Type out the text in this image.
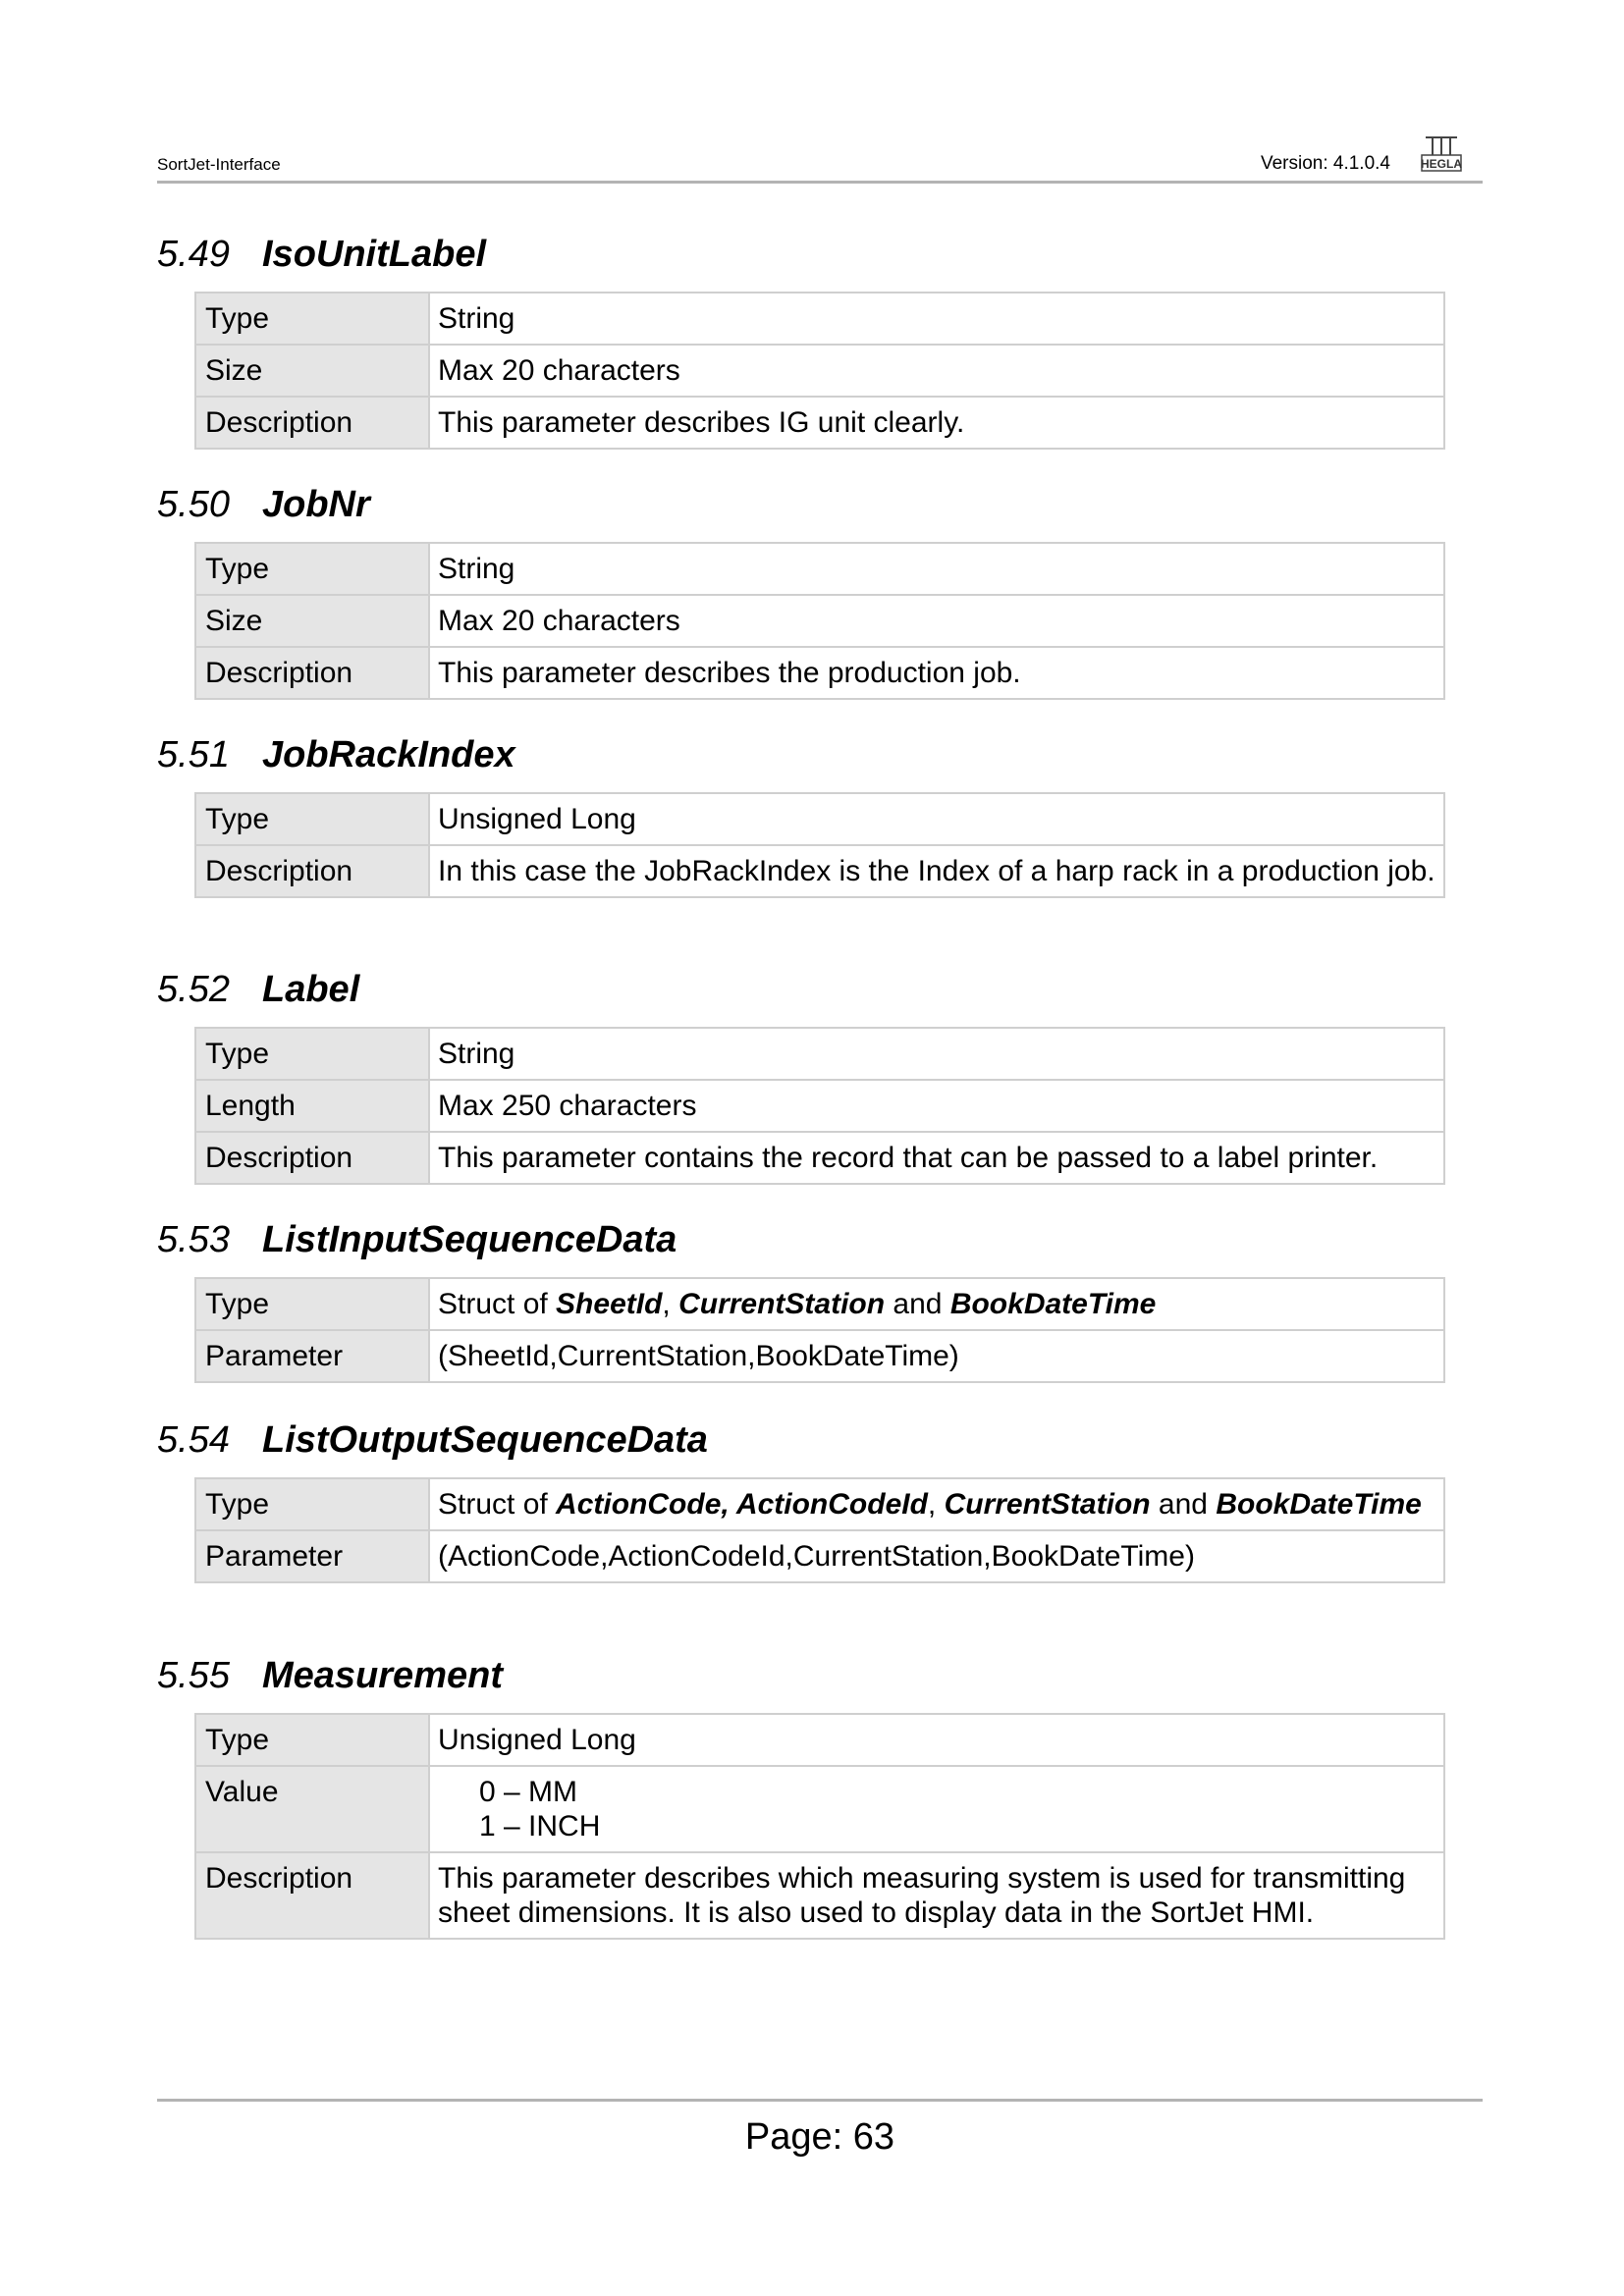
SortJet-Interface	Version: 4.1.0.4	HEGLA
5.49 IsoUnitLabel
Type	String
Size	Max 20 characters
Description	This parameter describes IG unit clearly.
5.50 JobNr
Type	String
Size	Max 20 characters
Description	This parameter describes the production job.
5.51 JobRackIndex
Type	Unsigned Long
Description	In this case the JobRackIndex is the Index of a harp rack in a production job.
5.52 Label
Type	String
Length	Max 250 characters
Description	This parameter contains the record that can be passed to a label printer.
5.53 ListInputSequenceData
Type	Struct of SheetId, CurrentStation and BookDateTime
Parameter	(SheetId,CurrentStation,BookDateTime)
5.54 ListOutputSequenceData
Type	Struct of ActionCode, ActionCodeId, CurrentStation and BookDateTime
Parameter	(ActionCode,ActionCodeId,CurrentStation,BookDateTime)
5.55 Measurement
Type	Unsigned Long
Value	0 – MM
1 – INCH

Description	This parameter describes which measuring system is used for transmitting sheet dimensions. It is also used to display data in the SortJet HMI.
Page: 63
